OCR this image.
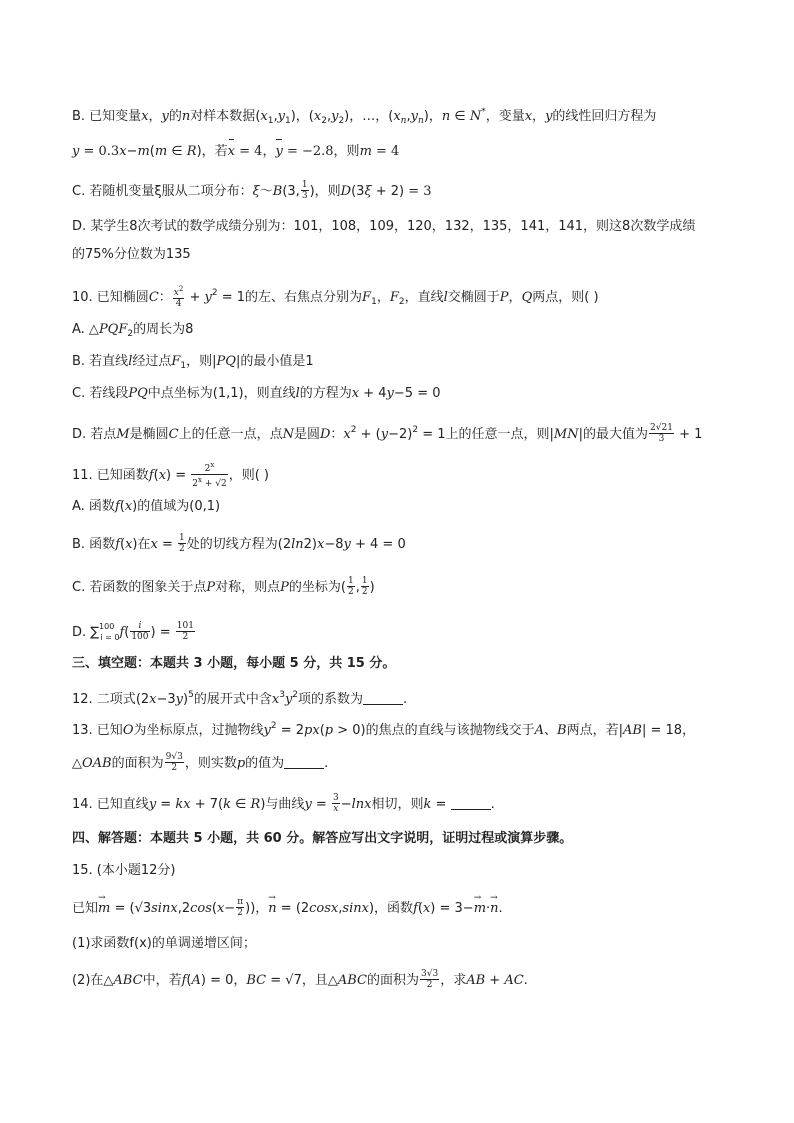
B. 已知变量x，y的n对样本数据$(x_1,y_1)$，$(x_2,y_2)$，…，$(x_n,y_n)$，n ∈ N*，变量x，y的线性回归方程为
y = 0.3x−m(m ∈ R)，若x = 4，y = −2.8，则m = 4
C. 若随机变量ξ服从二项分布：ξ～B(3, $\frac{1}{3}$ )，则D(3ξ + 2) = 3
D. 某学生8次考试的数学成绩分别为：101，108，109，120，132，135，141，141，则这8次数学成绩
的75%分位数为135
10. 已知椭圆C： $\frac{x^2}{4} + y^2 = 1$的左、右焦点分别为$F_1$，$F_2$，直线l交椭圆于P，Q两点，则( )
A. $\triangle PQF_2$的周长为8
B. 若直线l经过点$F_1$，则|PQ|的最小值是1
C. 若线段PQ中点坐标为(1,1)，则直线l的方程为x + 4y−5 = 0
D. 若点M是椭圆C上的任意一点，点N是圆D：$x^2 + (y-2)^2 = 1$上的任意一点，则|MN|的最大值为 $\frac{2√21}{3} + 1$
11. 已知函数$f(x) = \frac{2^x}{2^x + √2}$ ，则( )
A. 函数f(x)的值域为(0,1)
B. 函数f(x)在$x = \frac{1}{2}$ 处的切线方程为(2ln2)x−8y + 4 = 0
C. 若函数的图象关于点P对称，则点P的坐标为( $\frac{1}{2}$ , $\frac{1}{2}$ )
D. $\sum^{100}_{i = 0}f( \frac{i}{100}$ ) = $\frac{101}{2}$
三、填空题：本题共 3 小题，每小题 5 分，共 15 分。
12. 二项式$(2x-3y)^5$的展开式中含$x^3y^2$项的系数为	.
13. 已知O为坐标原点，过抛物线$y^2 = 2px(p > 0)$的焦点的直线与该抛物线交于A、B两点，若|AB| = 18，
△OAB的面积为 $\frac{9√3}{2}$ ，则实数p的值为	.
14. 已知直线y = kx + 7(k ∈ R)与曲线$y = \frac{3}{x} -\ln x$相切，则k =	.
四、解答题：本题共 5 小题，共 60 分。解答应写出文字说明，证明过程或演算步骤。
15. (本小题12分)
已知→ $m = (√3\sin x,2\cos(x- \frac{\pi}{2}$ ))，→ n = (2cosx,sinx)，函数f(x) = 3−→ m·→ n.
(1)求函数f(x)的单调递增区间；
(2)在△ABC中，若f(A) = 0，BC = √7，且△ABC的面积为 $\frac{3√3}{2}$ ，求AB + AC.
